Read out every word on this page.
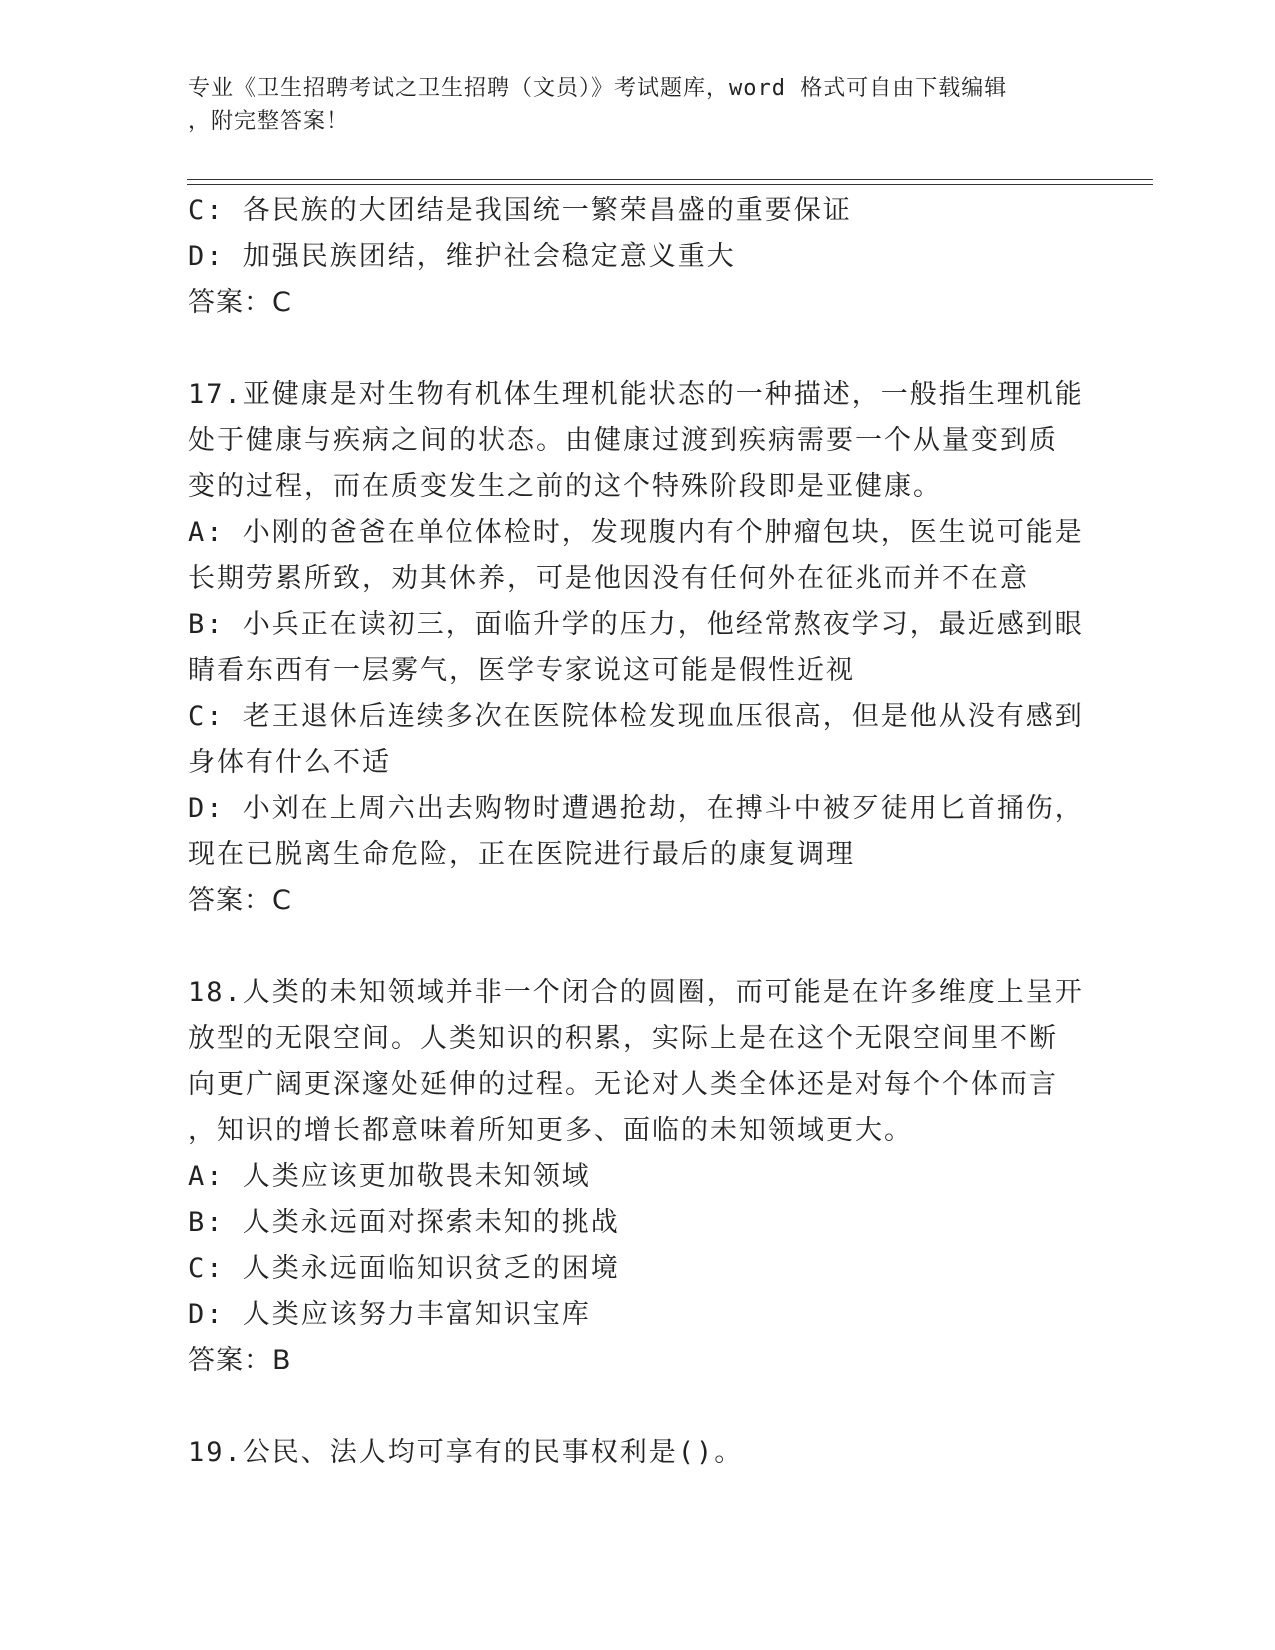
专业《卫生招聘考试之卫生招聘（文员）》考试题库，word 格式可自由下载编辑
，附完整答案！
C: 各民族的大团结是我国统一繁荣昌盛的重要保证
D: 加强民族团结，维护社会稳定意义重大
答案：C
17.亚健康是对生物有机体生理机能状态的一种描述，一般指生理机能
处于健康与疾病之间的状态。由健康过渡到疾病需要一个从量变到质
变的过程，而在质变发生之前的这个特殊阶段即是亚健康。
A: 小刚的爸爸在单位体检时，发现腹内有个肿瘤包块，医生说可能是
长期劳累所致，劝其休养，可是他因没有任何外在征兆而并不在意
B: 小兵正在读初三，面临升学的压力，他经常熬夜学习，最近感到眼
睛看东西有一层雾气，医学专家说这可能是假性近视
C: 老王退休后连续多次在医院体检发现血压很高，但是他从没有感到
身体有什么不适
D: 小刘在上周六出去购物时遭遇抢劫，在搏斗中被歹徒用匕首捅伤，
现在已脱离生命危险，正在医院进行最后的康复调理
答案：C
18.人类的未知领域并非一个闭合的圆圈，而可能是在许多维度上呈开
放型的无限空间。人类知识的积累，实际上是在这个无限空间里不断
向更广阔更深邃处延伸的过程。无论对人类全体还是对每个个体而言
，知识的增长都意味着所知更多、面临的未知领域更大。
A: 人类应该更加敬畏未知领域
B: 人类永远面对探索未知的挑战
C: 人类永远面临知识贫乏的困境
D: 人类应该努力丰富知识宝库
答案：B
19.公民、法人均可享有的民事权利是()。
